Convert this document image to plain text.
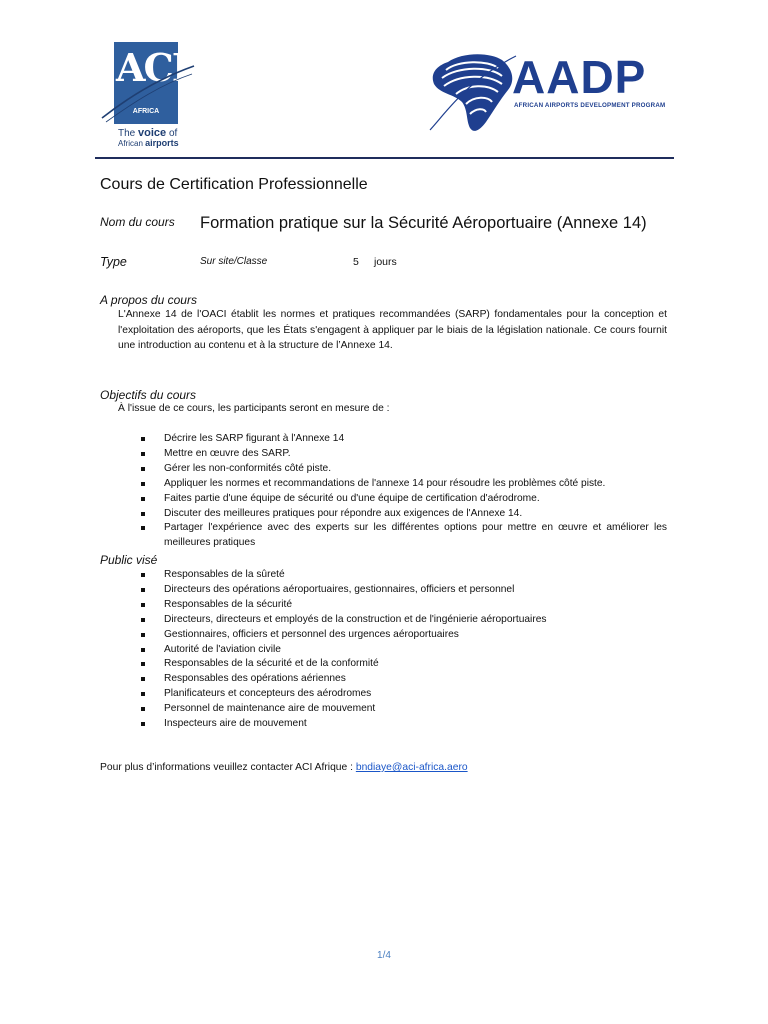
ACI
AFRICA
The voice of
African airports
AADP
AFRICAN AIRPORTS DEVELOPMENT PROGRAM
Cours de Certification Professionnelle
Nom du cours Formation pratique sur la Sécurité Aéroportuaire (Annexe 14)
Type	Sur site/Classe	5 jours
A propos du cours
L'Annexe 14 de l'OACI établit les normes et pratiques recommandées (SARP) fondamentales pour la conception et l'exploitation des aéroports, que les États s'engagent à appliquer par le biais de la législation nationale. Ce cours fournit une introduction au contenu et à la structure de l’Annexe 14.
Objectifs du cours
À l'issue de ce cours, les participants seront en mesure de :
Décrire les SARP figurant à l'Annexe 14
Mettre en œuvre des SARP.
Gérer les non-conformités côté piste.
Appliquer les normes et recommandations de l'annexe 14 pour résoudre les problèmes côté piste.
Faites partie d'une équipe de sécurité ou d'une équipe de certification d'aérodrome.
Discuter des meilleures pratiques pour répondre aux exigences de l'Annexe 14.
Partager l'expérience avec des experts sur les différentes options pour mettre en œuvre et améliorer les meilleures pratiques
Public visé
Responsables de la sûreté
Directeurs des opérations aéroportuaires, gestionnaires, officiers et personnel
Responsables de la sécurité
Directeurs, directeurs et employés de la construction et de l'ingénierie aéroportuaires
Gestionnaires, officiers et personnel des urgences aéroportuaires
Autorité de l'aviation civile
Responsables de la sécurité et de la conformité
Responsables des opérations aériennes
Planificateurs et concepteurs des aérodromes
Personnel de maintenance aire de mouvement
Inspecteurs aire de mouvement
Pour plus d’informations veuillez contacter ACI Afrique : bndiaye@aci-africa.aero
1/4
